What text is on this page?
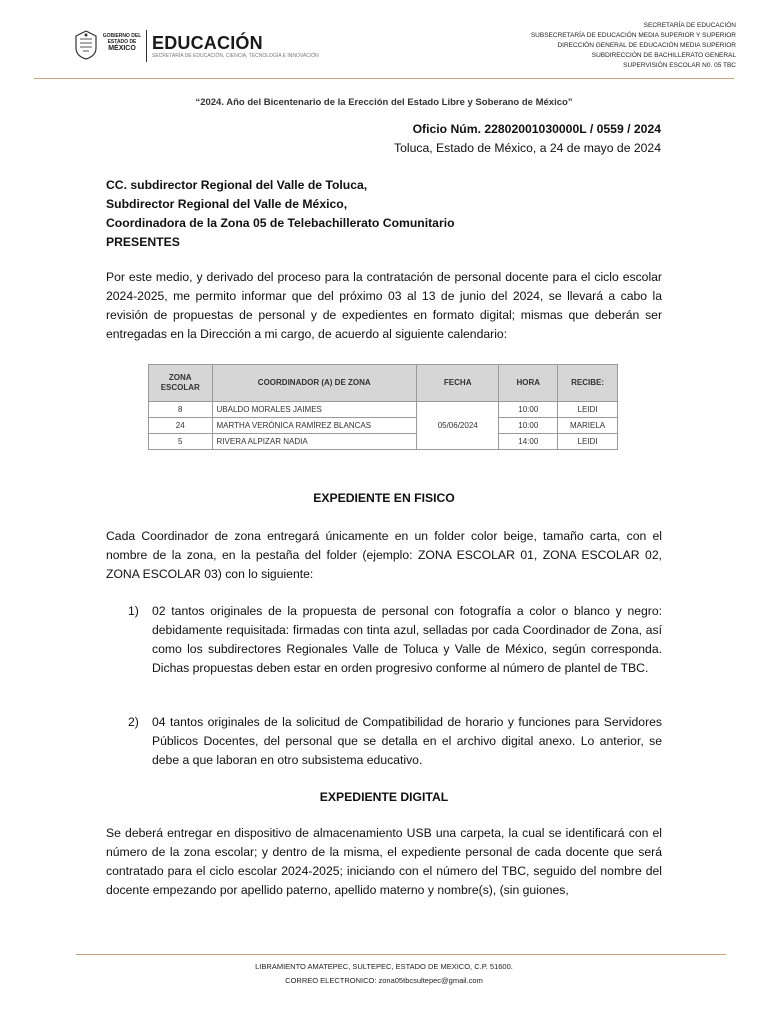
GOBIERNO DEL
ESTADO DE
MÉXICO EDUCACIÓN
SECRETARÍA DE EDUCACIÓN, CIENCIA, TECNOLOGÍA E INNOVACIÓN
SECRETARÍA DE EDUCACIÓN
SUBSECRETARÍA DE EDUCACIÓN MEDIA SUPERIOR Y SUPERIOR
DIRECCIÓN GENERAL DE EDUCACIÓN MEDIA SUPERIOR
SUBDIRECCIÓN DE BACHILLERATO GENERAL
SUPERVISIÓN ESCOLAR N0. 05 TBC
“2024. Año del Bicentenario de la Erección del Estado Libre y Soberano de México”
Oficio Núm. 22802001030000L / 0559 / 2024
Toluca, Estado de México, a 24 de mayo de 2024
CC. subdirector Regional del Valle de Toluca,
Subdirector Regional del Valle de México,
Coordinadora de la Zona 05 de Telebachillerato Comunitario
PRESENTES
Por este medio, y derivado del proceso para la contratación de personal docente para el ciclo escolar 2024-2025, me permito informar que del próximo 03 al 13 de junio del 2024, se llevará a cabo la revisión de propuestas de personal y de expedientes en formato digital; mismas que deberán ser entregadas en la Dirección a mi cargo, de acuerdo al siguiente calendario:
ZONA ESCOLAR	COORDINADOR (A) DE ZONA	FECHA	HORA	RECIBE:
8	UBALDO MORALES JAIMES	05/06/2024	10:00	LEIDI
24	MARTHA VERÓNICA RAMÍREZ BLANCAS		10:00	MARIELA
5	RIVERA ALPIZAR NADIA		14:00	LEIDI
EXPEDIENTE EN FISICO
Cada Coordinador de zona entregará únicamente en un folder color beige, tamaño carta, con el nombre de la zona, en la pestaña del folder (ejemplo: ZONA ESCOLAR 01, ZONA ESCOLAR 02, ZONA ESCOLAR 03) con lo siguiente:
1) 02 tantos originales de la propuesta de personal con fotografía a color o blanco y negro: debidamente requisitada: firmadas con tinta azul, selladas por cada Coordinador de Zona, así como los subdirectores Regionales Valle de Toluca y Valle de México, según corresponda. Dichas propuestas deben estar en orden progresivo conforme al número de plantel de TBC.
2) 04 tantos originales de la solicitud de Compatibilidad de horario y funciones para Servidores Públicos Docentes, del personal que se detalla en el archivo digital anexo. Lo anterior, se debe a que laboran en otro subsistema educativo.
EXPEDIENTE DIGITAL
Se deberá entregar en dispositivo de almacenamiento USB una carpeta, la cual se identificará con el número de la zona escolar; y dentro de la misma, el expediente personal de cada docente que será contratado para el ciclo escolar 2024-2025; iniciando con el número del TBC, seguido del nombre del docente empezando por apellido paterno, apellido materno y nombre(s), (sin guiones,
LIBRAMIENTO AMATEPEC, SULTEPEC, ESTADO DE MEXICO, C.P. 51600.
CORREO ELECTRONICO: zona05tbcsultepec@gmail.com
